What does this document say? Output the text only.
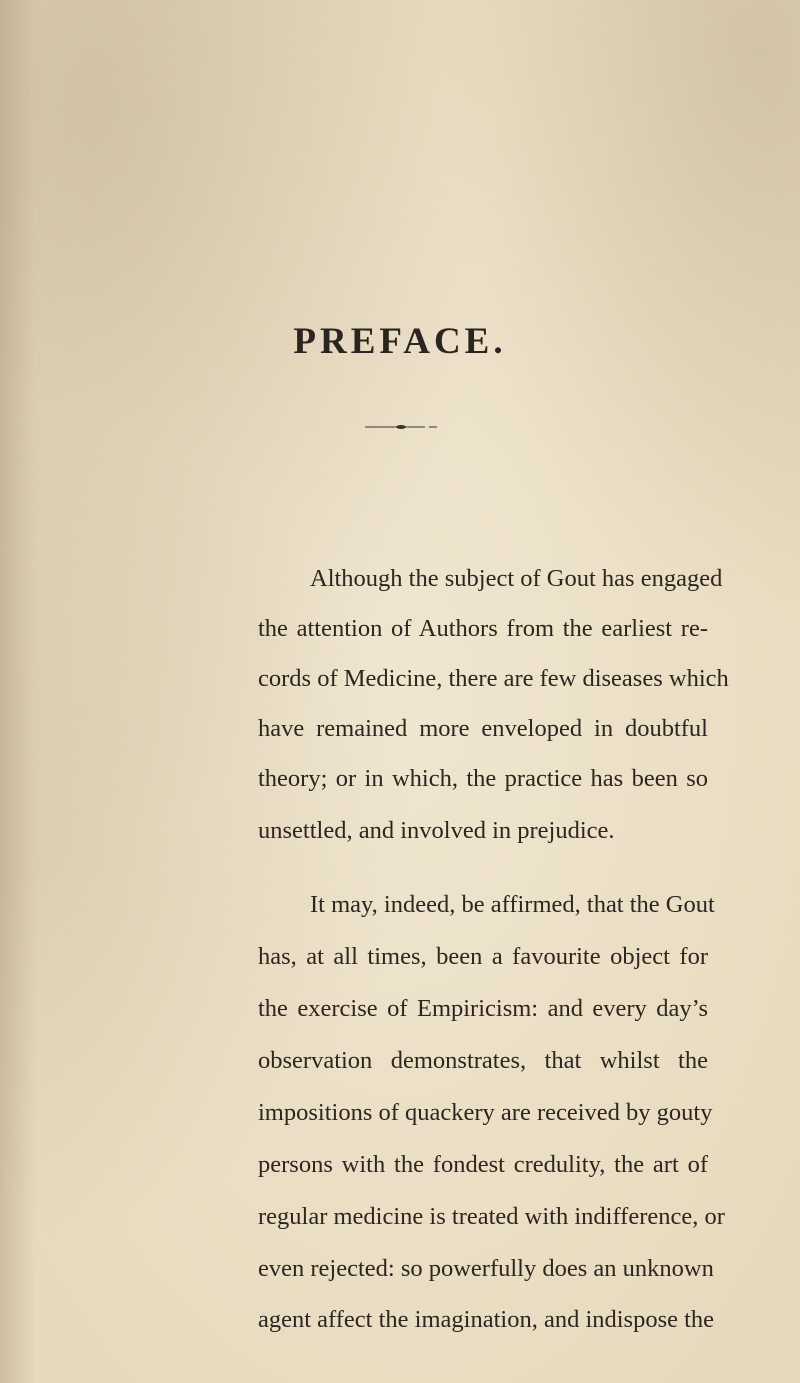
PREFACE.
Although the subject of Gout has engaged
the attention of Authors from the earliest re-
cords of Medicine, there are few diseases which
have remained more enveloped in doubtful
theory; or in which, the practice has been so
unsettled, and involved in prejudice.
It may, indeed, be affirmed, that the Gout
has, at all times, been a favourite object for
the exercise of Empiricism: and every day’s
observation demonstrates, that whilst the
impositions of quackery are received by gouty
persons with the fondest credulity, the art of
regular medicine is treated with indifference, or
even rejected: so powerfully does an unknown
agent affect the imagination, and indispose the
